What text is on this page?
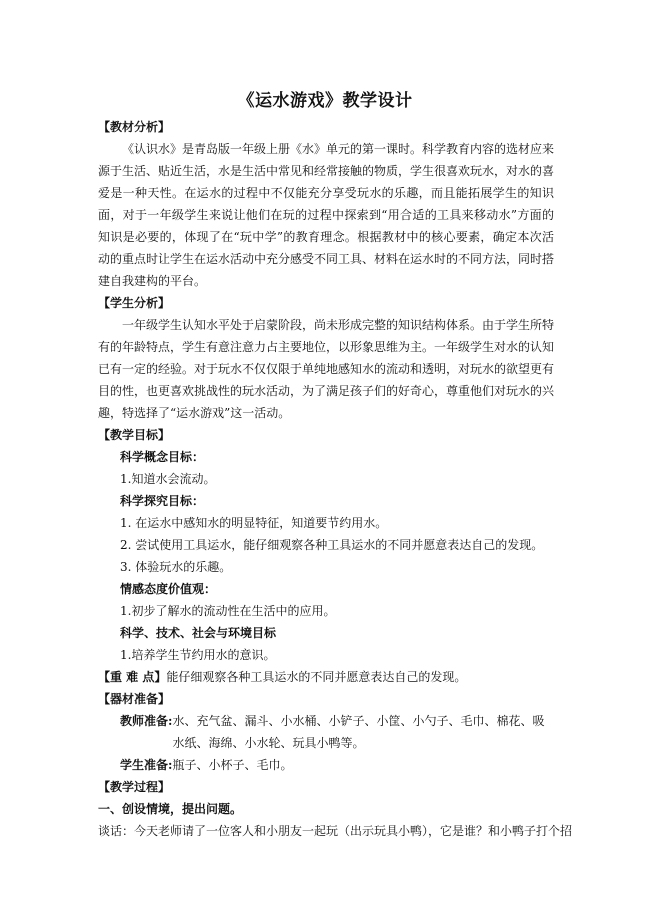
《运水游戏》教学设计

【教材分析】

《认识水》是青岛版一年级上册《水》单元的第一课时。科学教育内容的选材应来源于生活、贴近生活，水是生活中常见和经常接触的物质，学生很喜欢玩水，对水的喜爱是一种天性。在运水的过程中不仅能充分享受玩水的乐趣，而且能拓展学生的知识面，对于一年级学生来说让他们在玩的过程中探索到“用合适的工具来移动水”方面的知识是必要的，体现了在“玩中学”的教育理念。根据教材中的核心要素，确定本次活动的重点时让学生在运水活动中充分感受不同工具、材料在运水时的不同方法，同时搭建自我建构的平台。

【学生分析】

一年级学生认知水平处于启蒙阶段，尚未形成完整的知识结构体系。由于学生所特有的年龄特点，学生有意注意力占主要地位，以形象思维为主。一年级学生对水的认知已有一定的经验。对于玩水不仅仅限于单纯地感知水的流动和透明，对玩水的欲望更有目的性，也更喜欢挑战性的玩水活动，为了满足孩子们的好奇心，尊重他们对玩水的兴趣，特选择了“运水游戏”这一活动。

【教学目标】

科学概念目标：

1.知道水会流动。

科学探究目标：

1. 在运水中感知水的明显特征，知道要节约用水。

2. 尝试使用工具运水，能仔细观察各种工具运水的不同并愿意表达自己的发现。

3. 体验玩水的乐趣。

情感态度价值观：

1.初步了解水的流动性在生活中的应用。

科学、技术、社会与环境目标

1.培养学生节约用水的意识。

【重 难 点】能仔细观察各种工具运水的不同并愿意表达自己的发现。

【器材准备】

教师准备: 水、充气盆、漏斗、小水桶、小铲子、小筐、小勺子、毛巾、棉花、吸水纸、海绵、小水轮、玩具小鸭等。
学生准备: 瓶子、小杯子、毛巾。

【教学过程】

一、创设情境，提出问题。

谈话：今天老师请了一位客人和小朋友一起玩（出示玩具小鸭），它是谁？和小鸭子打个招
